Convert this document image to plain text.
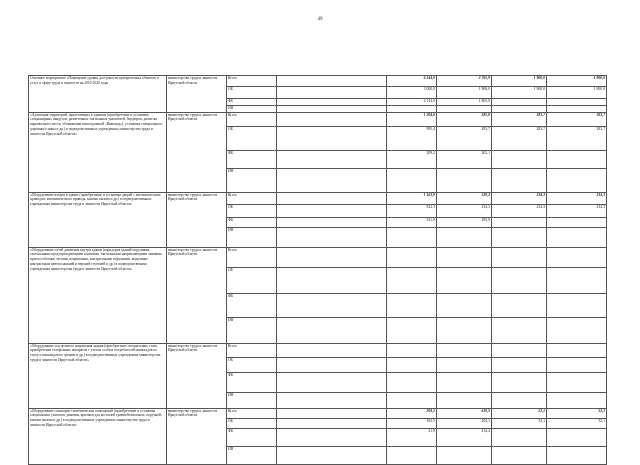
49
Основное мероприятие «Помещение уровня доступности приоритетных объектов и услуг в сфере труда и занятости на 2016-2020 годы	министерство труда и занятости Иркутской области	Всего		6 144,0	2 765,9	1 900,0	1 900,0	
		ОБ		3 000,0	1 900,0	1 900,0	1 900,0	
		ФБ		4 144,0	1 865,9			
		ИИ						
«Адаптация территорий, прилегающих к зданиям (приобретение и установка стационарных пандусов, разметочных тактильных указателей, бордюров, разметка парковочного места, обозначение пиктограммой «Инвалид»), установка специального дорожного знака и др.) в подведомственных учреждениях министерства труда и занятости Иркутской области»	министерство труда и занятости Иркутской области	Всего		1 204,6	585,8	283,7	283,7	
		ОБ		995,4	283,7	283,7	283,7	
		ФБ		209,2	302,1			
		ИИ						
«Оборудование входов в здание (приобретение и установка дверей с автоматическим приводом, автоматического привода, кнопки вызова и др.) в подведомственных учреждениях министерства труда и занятости Иркутской области»	министерство труда и занятости Иркутской области	Всего		1 163,9	520,2	234,3	234,3	
		ОБ		822,1	234,3	234,3	234,3	
		ФБ		341,8	285,9			
		ИИ						
«Оборудование путей движения внутри здания (коридоров зданий поручнями, тактильными предупреждающими плитками, тактильными направляющими линиями, приспособление лестниц покрытиями, контрастными поручнями, выделение контрастным цветом нижней и верхней ступеней и др.) в подведомственных учреждениях министерства труда и занятости Иркутской области»	министерство труда и занятости Иркутской области	Всего						
		ОБ						
		ФБ						
		ИИ						
«Оборудование зон целевого назначения здания (приобретение специальных стоек, приобретение телефонных аппаратов с учетом особых потребностей инвалидов по слуху и инвалидов по зрению и др.) в подведомственных учреждениях министерства труда и занятости Иркутской области»	министерство труда и занятости Иркутской области	Всего						
		ОБ						
		ФБ						
		ИИ						
«Оборудование санитарно-гигиенических помещений (приобретение и установка специальных унитазов, раковин, крючков для костылей травмобезопасных, поручней, кнопки вызова и др.) в подведомственных учреждениях министерства труда и занятости Иркутской области»	министерство труда и занятости Иркутской области	Всего		204,5	618,5	52,1	52,1	
		ОБ		182,5	204,1	52,1	52,1	
		ФБ		21,8	414,4			
		ИИ						
